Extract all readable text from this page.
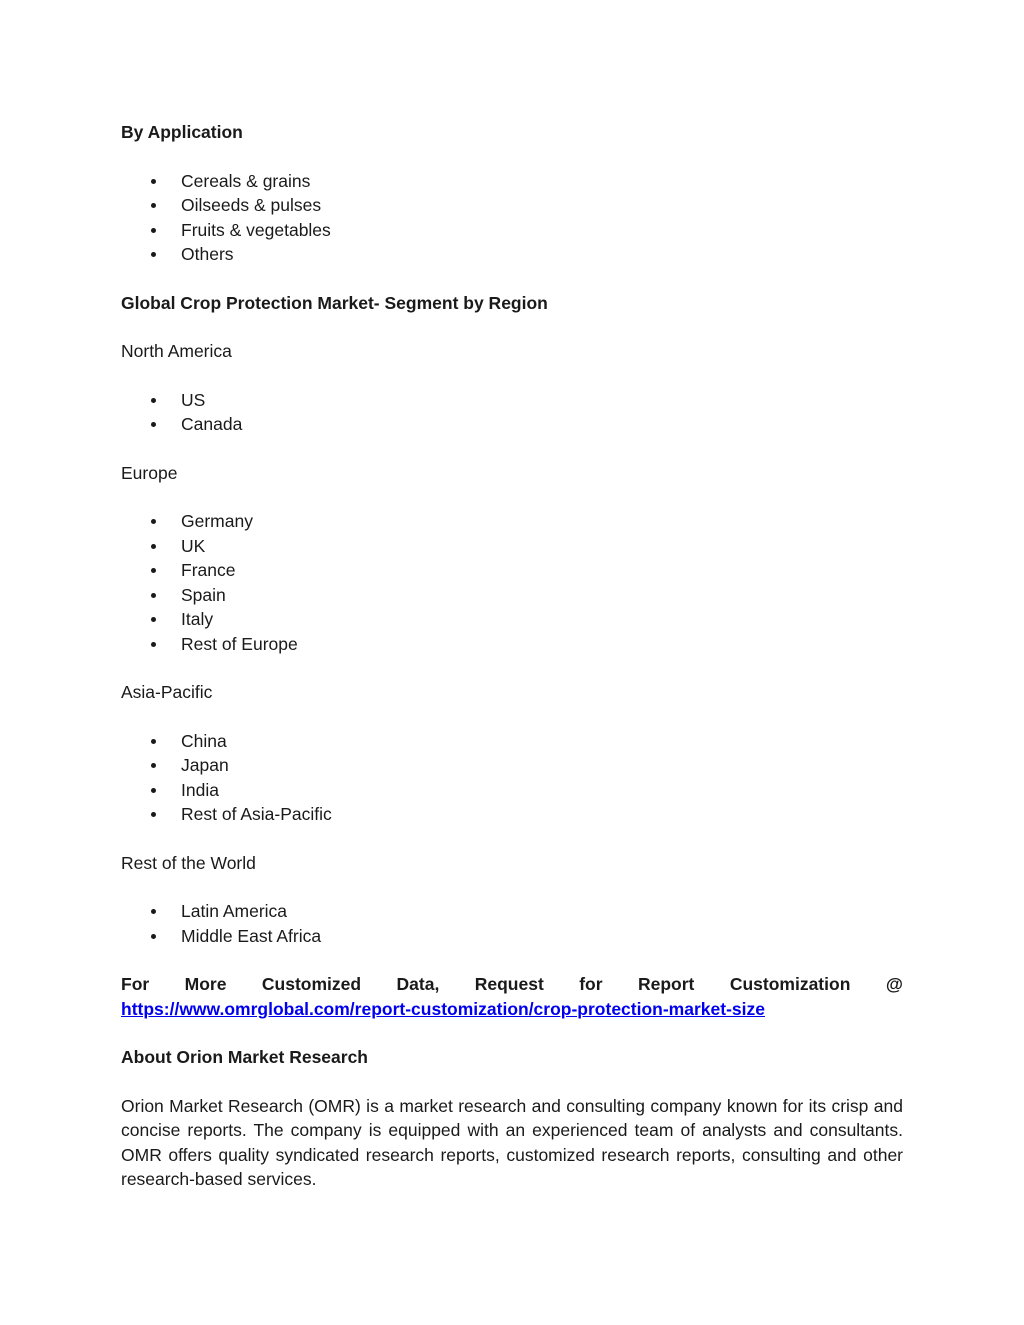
By Application

Cereals & grains
Oilseeds & pulses
Fruits & vegetables
Others

Global Crop Protection Market- Segment by Region

North America

US
Canada

Europe

Germany
UK
France
Spain
Italy
Rest of Europe

Asia-Pacific

China
Japan
India
Rest of Asia-Pacific

Rest of the World

Latin America
Middle East Africa
For More Customized Data, Request for Report Customization @
https://www.omrglobal.com/report-customization/crop-protection-market-size

About Orion Market Research

Orion Market Research (OMR) is a market research and consulting company known for its crisp and concise reports. The company is equipped with an experienced team of analysts and consultants. OMR offers quality syndicated research reports, customized research reports, consulting and other research-based services.
